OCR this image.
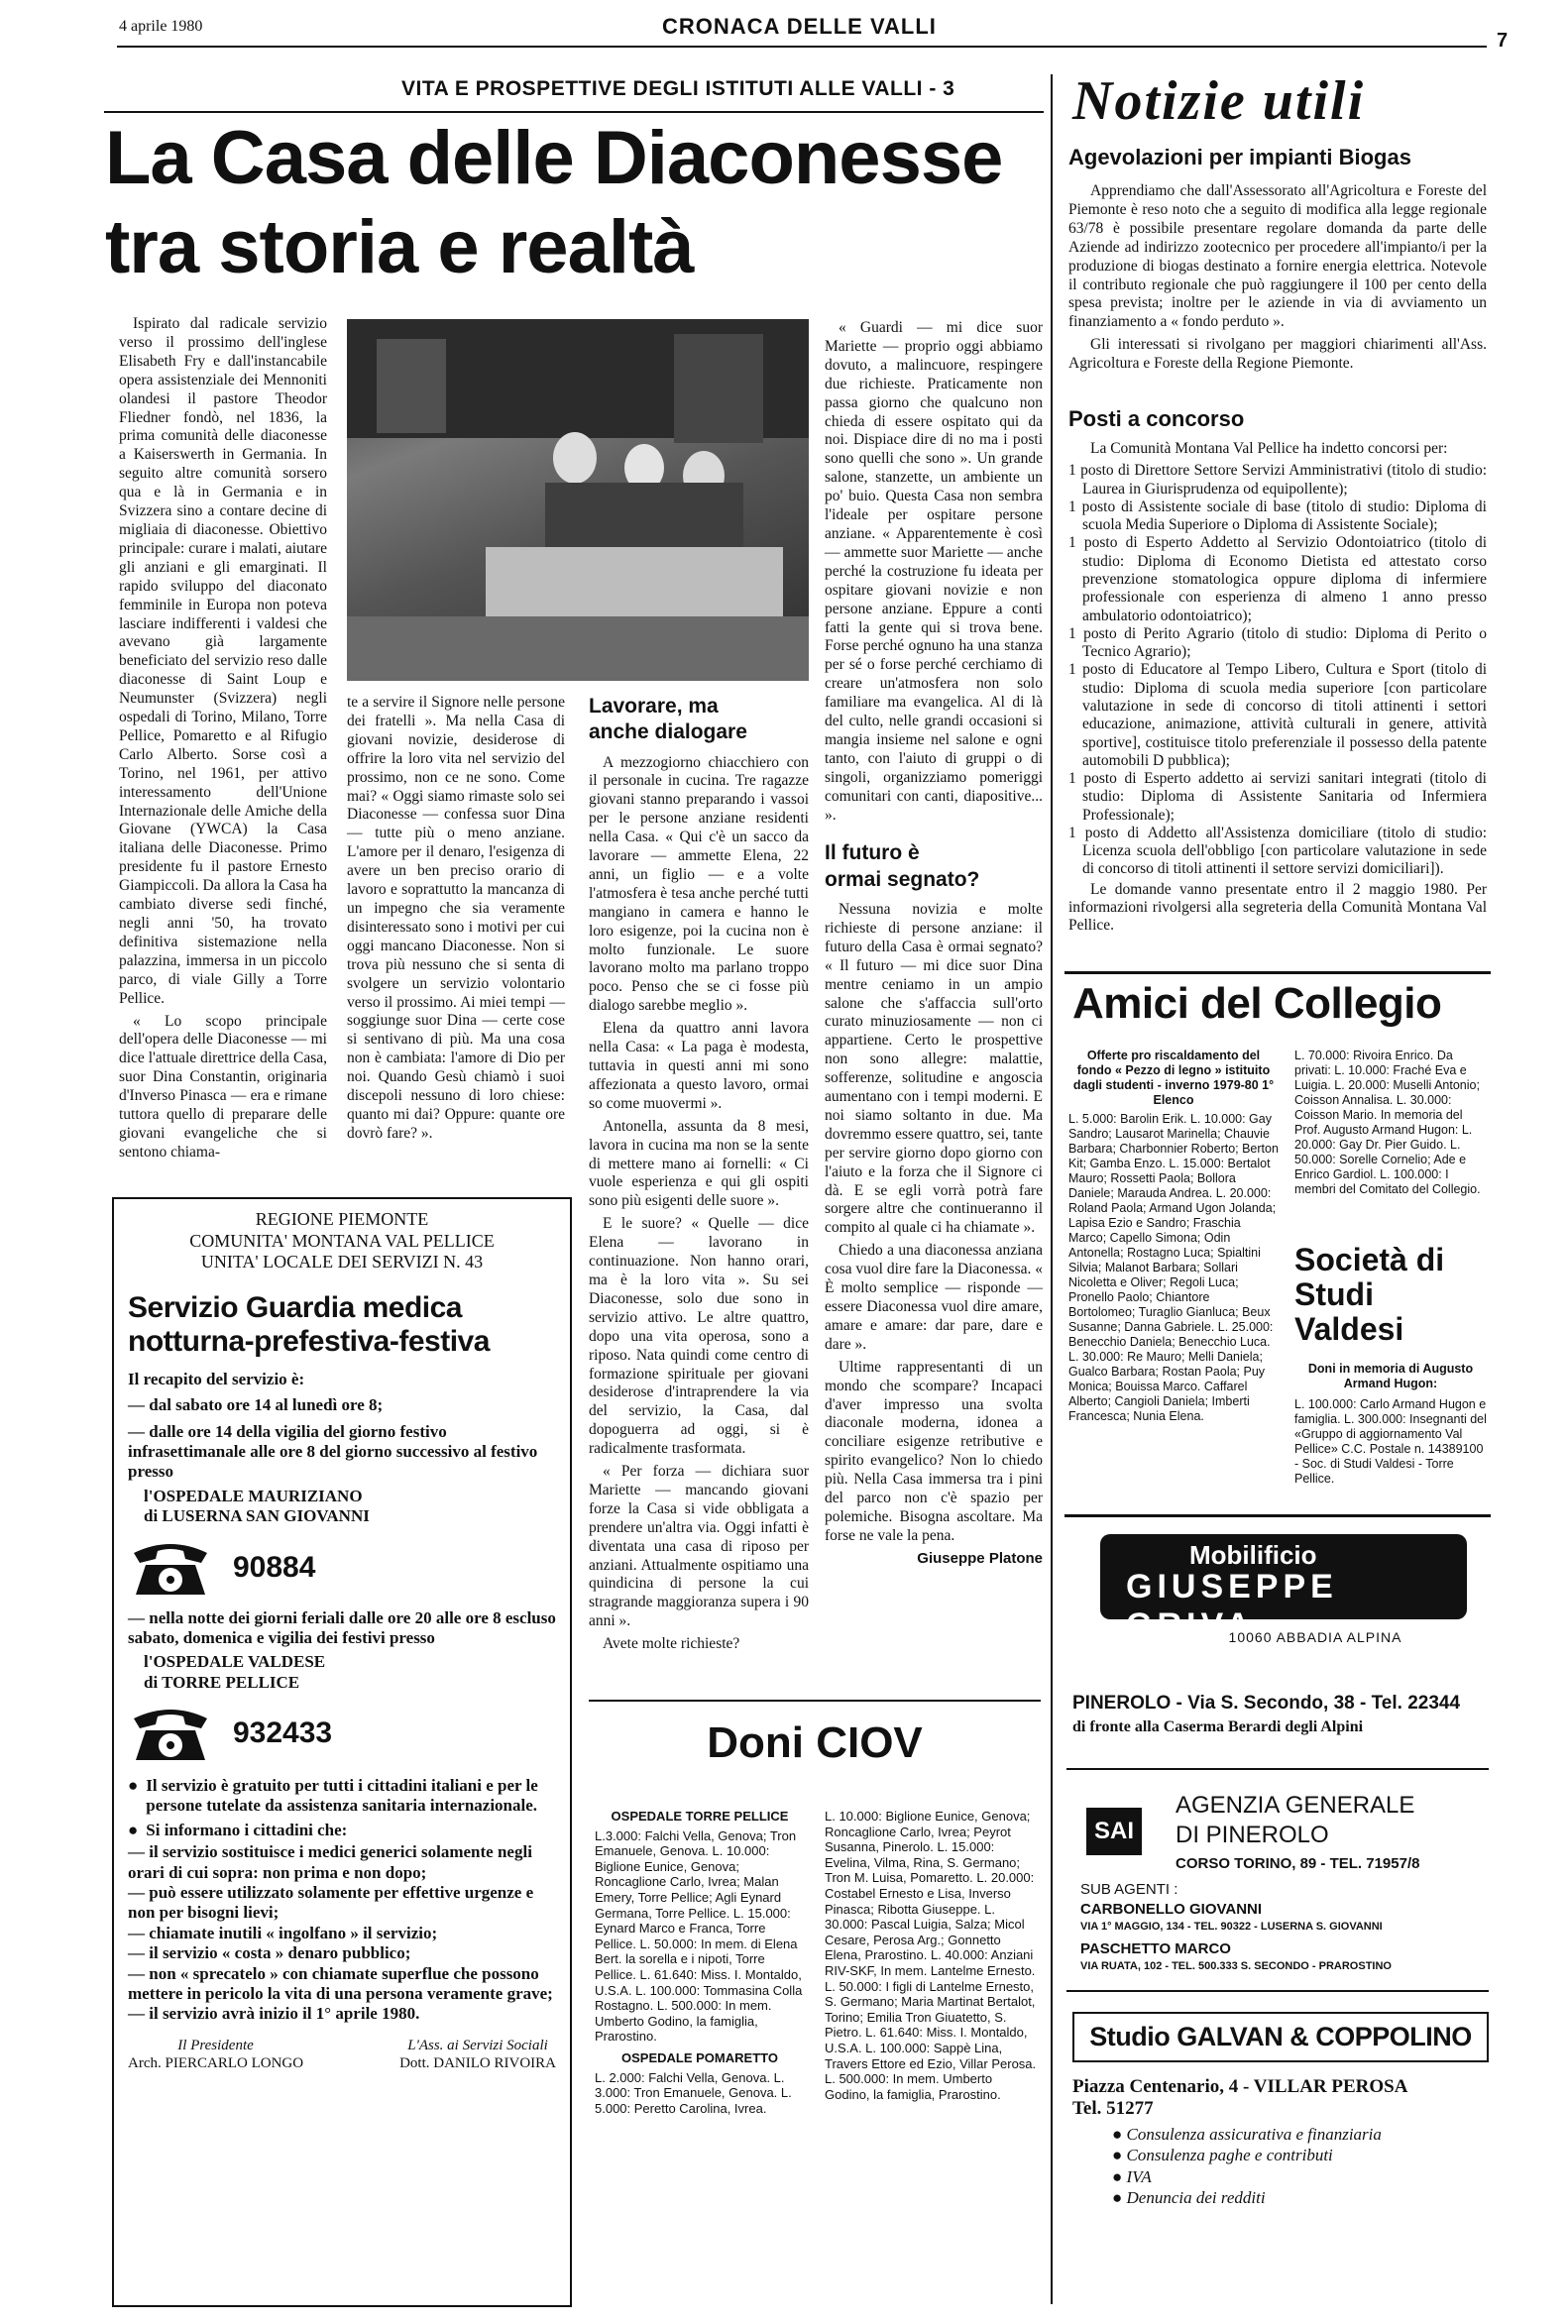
4 aprile 1980	CRONACA DELLE VALLI
7
VITA E PROSPETTIVE DEGLI ISTITUTI ALLE VALLI - 3
La Casa delle Diaconesse
tra storia e realtà

Ispirato dal radicale servizio verso il prossimo dell'inglese Elisabeth Fry e dall'instancabile opera assistenziale dei Mennoniti olandesi il pastore Theodor Fliedner fondò, nel 1836, la prima comunità delle diaconesse a Kaiserswerth in Germania. In seguito altre comunità sorsero qua e là in Germania e in Svizzera sino a contare decine di migliaia di diaconesse. Obiettivo principale: curare i malati, aiutare gli anziani e gli emarginati. Il rapido sviluppo del diaconato femminile in Europa non poteva lasciare indifferenti i valdesi che avevano già largamente beneficiato del servizio reso dalle diaconesse di Saint Loup e Neumunster (Svizzera) negli ospedali di Torino, Milano, Torre Pellice, Pomaretto e al Rifugio Carlo Alberto. Sorse così a Torino, nel 1961, per attivo interessamento dell'Unione Internazionale delle Amiche della Giovane (YWCA) la Casa italiana delle Diaconesse. Primo presidente fu il pastore Ernesto Giampiccoli. Da allora la Casa ha cambiato diverse sedi finché, negli anni '50, ha trovato definitiva sistemazione nella palazzina, immersa in un piccolo parco, di viale Gilly a Torre Pellice.

« Lo scopo principale dell'opera delle Diaconesse — mi dice l'attuale direttrice della Casa, suor Dina Constantin, originaria d'Inverso Pinasca — era e rimane tuttora quello di preparare delle giovani evangeliche che si sentono chiama-

te a servire il Signore nelle persone dei fratelli ». Ma nella Casa di giovani novizie, desiderose di offrire la loro vita nel servizio del prossimo, non ce ne sono. Come mai? « Oggi siamo rimaste solo sei Diaconesse — confessa suor Dina — tutte più o meno anziane. L'amore per il denaro, l'esigenza di avere un ben preciso orario di lavoro e soprattutto la mancanza di un impegno che sia veramente disinteressato sono i motivi per cui oggi mancano Diaconesse. Non si trova più nessuno che si senta di svolgere un servizio volontario verso il prossimo. Ai miei tempi — soggiunge suor Dina — certe cose si sentivano di più. Ma una cosa non è cambiata: l'amore di Dio per noi. Quando Gesù chiamò i suoi discepoli nessuno di loro chiese: quanto mi dai? Oppure: quante ore dovrò fare? ».

Lavorare, ma
anche dialogare

A mezzogiorno chiacchiero con il personale in cucina. Tre ragazze giovani stanno preparando i vassoi per le persone anziane residenti nella Casa. « Qui c'è un sacco da lavorare — ammette Elena, 22 anni, un figlio — e a volte l'atmosfera è tesa anche perché tutti mangiano in camera e hanno le loro esigenze, poi la cucina non è molto funzionale. Le suore lavorano molto ma parlano troppo poco. Penso che se ci fosse più dialogo sarebbe meglio ».

Elena da quattro anni lavora nella Casa: « La paga è modesta, tuttavia in questi anni mi sono affezionata a questo lavoro, ormai so come muovermi ».

Antonella, assunta da 8 mesi, lavora in cucina ma non se la sente di mettere mano ai fornelli: « Ci vuole esperienza e qui gli ospiti sono più esigenti delle suore ».

E le suore? « Quelle — dice Elena — lavorano in continuazione. Non hanno orari, ma è la loro vita ». Su sei Diaconesse, solo due sono in servizio attivo. Le altre quattro, dopo una vita operosa, sono a riposo. Nata quindi come centro di formazione spirituale per giovani desiderose d'intraprendere la via del servizio, la Casa, dal dopoguerra ad oggi, si è radicalmente trasformata.

« Per forza — dichiara suor Mariette — mancando giovani forze la Casa si vide obbligata a prendere un'altra via. Oggi infatti è diventata una casa di riposo per anziani. Attualmente ospitiamo una quindicina di persone la cui stragrande maggioranza supera i 90 anni ».

Avete molte richieste?

« Guardi — mi dice suor Mariette — proprio oggi abbiamo dovuto, a malincuore, respingere due richieste. Praticamente non passa giorno che qualcuno non chieda di essere ospitato qui da noi. Dispiace dire di no ma i posti sono quelli che sono ». Un grande salone, stanzette, un ambiente un po' buio. Questa Casa non sembra l'ideale per ospitare persone anziane. « Apparentemente è così — ammette suor Mariette — anche perché la costruzione fu ideata per ospitare giovani novizie e non persone anziane. Eppure a conti fatti la gente qui si trova bene. Forse perché ognuno ha una stanza per sé o forse perché cerchiamo di creare un'atmosfera non solo familiare ma evangelica. Al di là del culto, nelle grandi occasioni si mangia insieme nel salone e ogni tanto, con l'aiuto di gruppi o di singoli, organizziamo pomeriggi comunitari con canti, diapositive... ».

Il futuro è
ormai segnato?

Nessuna novizia e molte richieste di persone anziane: il futuro della Casa è ormai segnato? « Il futuro — mi dice suor Dina mentre ceniamo in un ampio salone che s'affaccia sull'orto curato minuziosamente — non ci appartiene. Certo le prospettive non sono allegre: malattie, sofferenze, solitudine e angoscia aumentano con i tempi moderni. E noi siamo soltanto in due. Ma dovremmo essere quattro, sei, tante per servire giorno dopo giorno con l'aiuto e la forza che il Signore ci dà. E se egli vorrà potrà fare sorgere altre che continueranno il compito al quale ci ha chiamate ».

Chiedo a una diaconessa anziana cosa vuol dire fare la Diaconessa. « È molto semplice — risponde — essere Diaconessa vuol dire amare, amare e amare: dar pare, dare e dare ».

Ultime rappresentanti di un mondo che scompare? Incapaci d'aver impresso una svolta diaconale moderna, idonea a conciliare esigenze retributive e spirito evangelico? Non lo chiedo più. Nella Casa immersa tra i pini del parco non c'è spazio per polemiche. Bisogna ascoltare. Ma forse ne vale la pena.

Giuseppe Platone
REGIONE PIEMONTE
COMUNITA' MONTANA VAL PELLICE
UNITA' LOCALE DEI SERVIZI N. 43
Servizio Guardia medica
notturna-prefestiva-festiva
Il recapito del servizio è:
— dal sabato ore 14 al lunedì ore 8;
— dalle ore 14 della vigilia del giorno festivo infrasettimanale alle ore 8 del giorno successivo al festivo presso
l'OSPEDALE MAURIZIANO
di LUSERNA SAN GIOVANNI
90884
— nella notte dei giorni feriali dalle ore 20 alle ore 8 escluso sabato, domenica e vigilia dei festivi presso
l'OSPEDALE VALDESE
di TORRE PELLICE
932433
● Il servizio è gratuito per tutti i cittadini italiani e per le persone tutelate da assistenza sanitaria internazionale.
● Si informano i cittadini che:
— il servizio sostituisce i medici generici solamente negli orari di cui sopra: non prima e non dopo;
— può essere utilizzato solamente per effettive urgenze e non per bisogni lievi;
— chiamate inutili « ingolfano » il servizio;
— il servizio « costa » denaro pubblico;
— non « sprecatelo » con chiamate superflue che possono mettere in pericolo la vita di una persona veramente grave;
— il servizio avrà inizio il 1° aprile 1980.
Il Presidente
Arch. PIERCARLO LONGO
L'Ass. ai Servizi Sociali
Dott. DANILO RIVOIRA
Doni CIOV
OSPEDALE TORRE PELLICE
L.3.000: Falchi Vella, Genova; Tron Emanuele, Genova. L. 10.000: Biglione Eunice, Genova; Roncaglione Carlo, Ivrea; Malan Emery, Torre Pellice; Agli Eynard Germana, Torre Pellice. L. 15.000: Eynard Marco e Franca, Torre Pellice. L. 50.000: In mem. di Elena Bert. la sorella e i nipoti, Torre Pellice. L. 61.640: Miss. I. Montaldo, U.S.A. L. 100.000: Tommasina Colla Rostagno. L. 500.000: In mem. Umberto Godino, la famiglia, Prarostino.
OSPEDALE POMARETTO
L. 2.000: Falchi Vella, Genova. L. 3.000: Tron Emanuele, Genova. L. 5.000: Peretto Carolina, Ivrea.
L. 10.000: Biglione Eunice, Genova; Roncaglione Carlo, Ivrea; Peyrot Susanna, Pinerolo. L. 15.000: Evelina, Vilma, Rina, S. Germano; Tron M. Luisa, Pomaretto. L. 20.000: Costabel Ernesto e Lisa, Inverso Pinasca; Ribotta Giuseppe. L. 30.000: Pascal Luigia, Salza; Micol Cesare, Perosa Arg.; Gonnetto Elena, Prarostino. L. 40.000: Anziani RIV-SKF, In mem. Lantelme Ernesto. L. 50.000: I figli di Lantelme Ernesto, S. Germano; Maria Martinat Bertalot, Torino; Emilia Tron Giuatetto, S. Pietro. L. 61.640: Miss. I. Montaldo, U.S.A. L. 100.000: Sappè Lina, Travers Ettore ed Ezio, Villar Perosa. L. 500.000: In mem. Umberto Godino, la famiglia, Prarostino.
Notizie utili
Agevolazioni per impianti Biogas

Apprendiamo che dall'Assessorato all'Agricoltura e Foreste del Piemonte è reso noto che a seguito di modifica alla legge regionale 63/78 è possibile presentare regolare domanda da parte delle Aziende ad indirizzo zootecnico per procedere all'impianto/i per la produzione di biogas destinato a fornire energia elettrica. Notevole il contributo regionale che può raggiungere il 100 per cento della spesa prevista; inoltre per le aziende in via di avviamento un finanziamento a « fondo perduto ».

Gli interessati si rivolgano per maggiori chiarimenti all'Ass. Agricoltura e Foreste della Regione Piemonte.

Posti a concorso

La Comunità Montana Val Pellice ha indetto concorsi per:

1 posto di Direttore Settore Servizi Amministrativi (titolo di studio: Laurea in Giurisprudenza od equipollente);
1 posto di Assistente sociale di base (titolo di studio: Diploma di scuola Media Superiore o Diploma di Assistente Sociale);
1 posto di Esperto Addetto al Servizio Odontoiatrico (titolo di studio: Diploma di Economo Dietista ed attestato corso prevenzione stomatologica oppure diploma di infermiere professionale con esperienza di almeno 1 anno presso ambulatorio odontoiatrico);
1 posto di Perito Agrario (titolo di studio: Diploma di Perito o Tecnico Agrario);
1 posto di Educatore al Tempo Libero, Cultura e Sport (titolo di studio: Diploma di scuola media superiore [con particolare valutazione in sede di concorso di titoli attinenti i settori educazione, animazione, attività culturali in genere, attività sportive], costituisce titolo preferenziale il possesso della patente automobili D pubblica);
1 posto di Esperto addetto ai servizi sanitari integrati (titolo di studio: Diploma di Assistente Sanitaria od Infermiera Professionale);
1 posto di Addetto all'Assistenza domiciliare (titolo di studio: Licenza scuola dell'obbligo [con particolare valutazione in sede di concorso di titoli attinenti il settore servizi domiciliari]).

Le domande vanno presentate entro il 2 maggio 1980. Per informazioni rivolgersi alla segreteria della Comunità Montana Val Pellice.

Amici del Collegio
Offerte pro riscaldamento del fondo « Pezzo di legno » istituito dagli studenti - inverno 1979-80 1° Elenco
L. 5.000: Barolin Erik. L. 10.000: Gay Sandro; Lausarot Marinella; Chauvie Barbara; Charbonnier Roberto; Berton Kit; Gamba Enzo. L. 15.000: Bertalot Mauro; Rossetti Paola; Bollora Daniele; Marauda Andrea. L. 20.000: Roland Paola; Armand Ugon Jolanda; Lapisa Ezio e Sandro; Fraschia Marco; Capello Simona; Odin Antonella; Rostagno Luca; Spialtini Silvia; Malanot Barbara; Sollari Nicoletta e Oliver; Regoli Luca; Pronello Paolo; Chiantore Bortolomeo; Turaglio Gianluca; Beux Susanne; Danna Gabriele. L. 25.000: Benecchio Daniela; Benecchio Luca. L. 30.000: Re Mauro; Melli Daniela; Gualco Barbara; Rostan Paola; Puy Monica; Bouissa Marco. Caffarel Alberto; Cangioli Daniela; Imberti Francesca; Nunia Elena.
L. 70.000: Rivoira Enrico. Da privati: L. 10.000: Fraché Eva e Luigia. L. 20.000: Muselli Antonio; Coisson Annalisa. L. 30.000: Coisson Mario. In memoria del Prof. Augusto Armand Hugon: L. 20.000: Gay Dr. Pier Guido. L. 50.000: Sorelle Cornelio; Ade e Enrico Gardiol. L. 100.000: I membri del Comitato del Collegio.
Società di
Studi Valdesi
Doni in memoria di Augusto Armand Hugon:
L. 100.000: Carlo Armand Hugon e famiglia. L. 300.000: Insegnanti del «Gruppo di aggiornamento Val Pellice» C.C. Postale n. 14389100 - Soc. di Studi Valdesi - Torre Pellice.
Mobilificio
GIUSEPPE GRIVA
10060 ABBADIA ALPINA
PINEROLO - Via S. Secondo, 38 - Tel. 22344
di fronte alla Caserma Berardi degli Alpini
SAI
AGENZIA GENERALE
DI PINEROLO
CORSO TORINO, 89 - TEL. 71957/8
SUB AGENTI :
CARBONELLO GIOVANNI
VIA 1° MAGGIO, 134 - TEL. 90322 - LUSERNA S. GIOVANNI
PASCHETTO MARCO
VIA RUATA, 102 - TEL. 500.333 S. SECONDO - PRAROSTINO
Studio GALVAN & COPPOLINO
Piazza Centenario, 4 - VILLAR PEROSA
Tel. 51277
● Consulenza assicurativa e finanziaria
● Consulenza paghe e contributi
● IVA
● Denuncia dei redditi
